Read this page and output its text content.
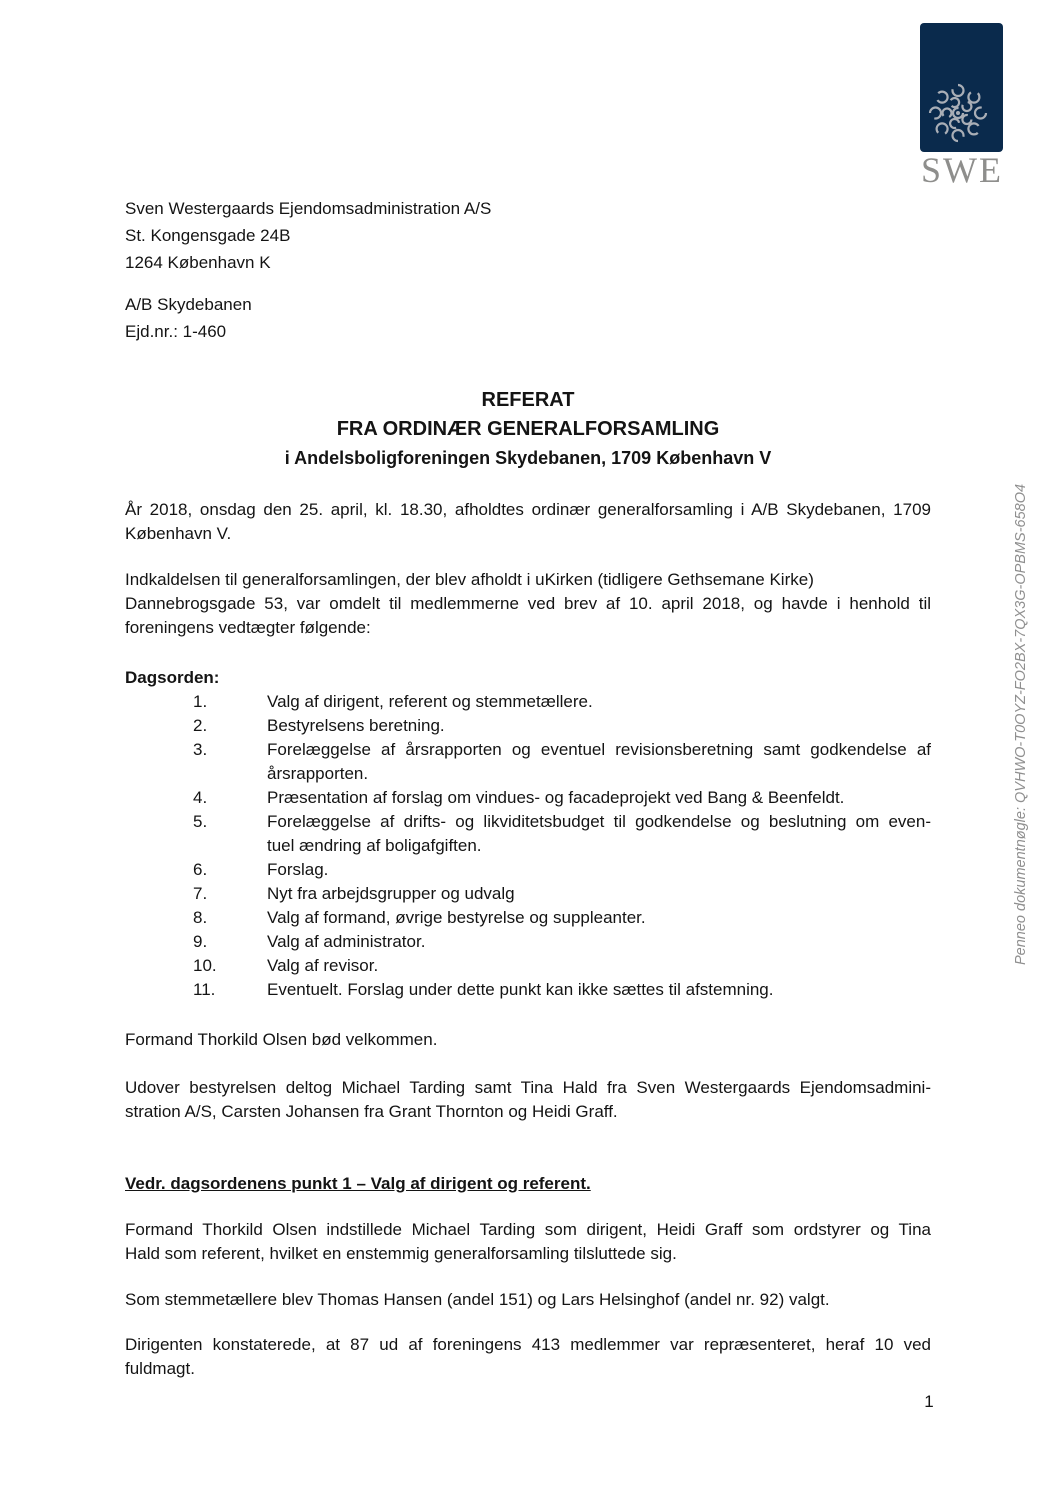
SWE
Penneo dokumentnøgle: QVHWO-T0OYZ-FO2BX-7QX3G-OPBMS-658O4
Sven Westergaards Ejendomsadministration A/S
St. Kongensgade 24B
1264 København K
A/B Skydebanen
Ejd.nr.: 1-460
REFERAT
FRA ORDINÆR GENERALFORSAMLING
i Andelsboligforeningen Skydebanen, 1709 København V
År 2018, onsdag den 25. april, kl. 18.30, afholdtes ordinær generalforsamling i A/B Skydebanen, 1709
København V.
Indkaldelsen til generalforsamlingen, der blev afholdt i uKirken (tidligere Gethsemane Kirke)
Dannebrogsgade 53, var omdelt til medlemmerne ved brev af 10. april 2018, og havde i henhold til
foreningens vedtægter følgende:
Dagsorden:
1.	Valg af dirigent, referent og stemmetællere.
2.	Bestyrelsens beretning.
3.	Forelæggelse af årsrapporten og eventuel revisionsberetning samt godkendelse af
årsrapporten.
4.	Præsentation af forslag om vindues- og facadeprojekt ved Bang & Beenfeldt.
5.	Forelæggelse af drifts- og likviditetsbudget til godkendelse og beslutning om even-
tuel ændring af boligafgiften.
6.	Forslag.
7.	Nyt fra arbejdsgrupper og udvalg
8.	Valg af formand, øvrige bestyrelse og suppleanter.
9.	Valg af administrator.
10.	Valg af revisor.
11.	Eventuelt. Forslag under dette punkt kan ikke sættes til afstemning.
Formand Thorkild Olsen bød velkommen.
Udover bestyrelsen deltog Michael Tarding samt Tina Hald fra Sven Westergaards Ejendomsadmini-
stration A/S, Carsten Johansen fra Grant Thornton og Heidi Graff.
Vedr. dagsordenens punkt 1 – Valg af dirigent og referent.
Formand Thorkild Olsen indstillede Michael Tarding som dirigent, Heidi Graff som ordstyrer og Tina
Hald som referent, hvilket en enstemmig generalforsamling tilsluttede sig.
Som stemmetællere blev Thomas Hansen (andel 151) og Lars Helsinghof (andel nr. 92) valgt.
Dirigenten konstaterede, at 87 ud af foreningens 413 medlemmer var repræsenteret, heraf 10 ved
fuldmagt.
1
